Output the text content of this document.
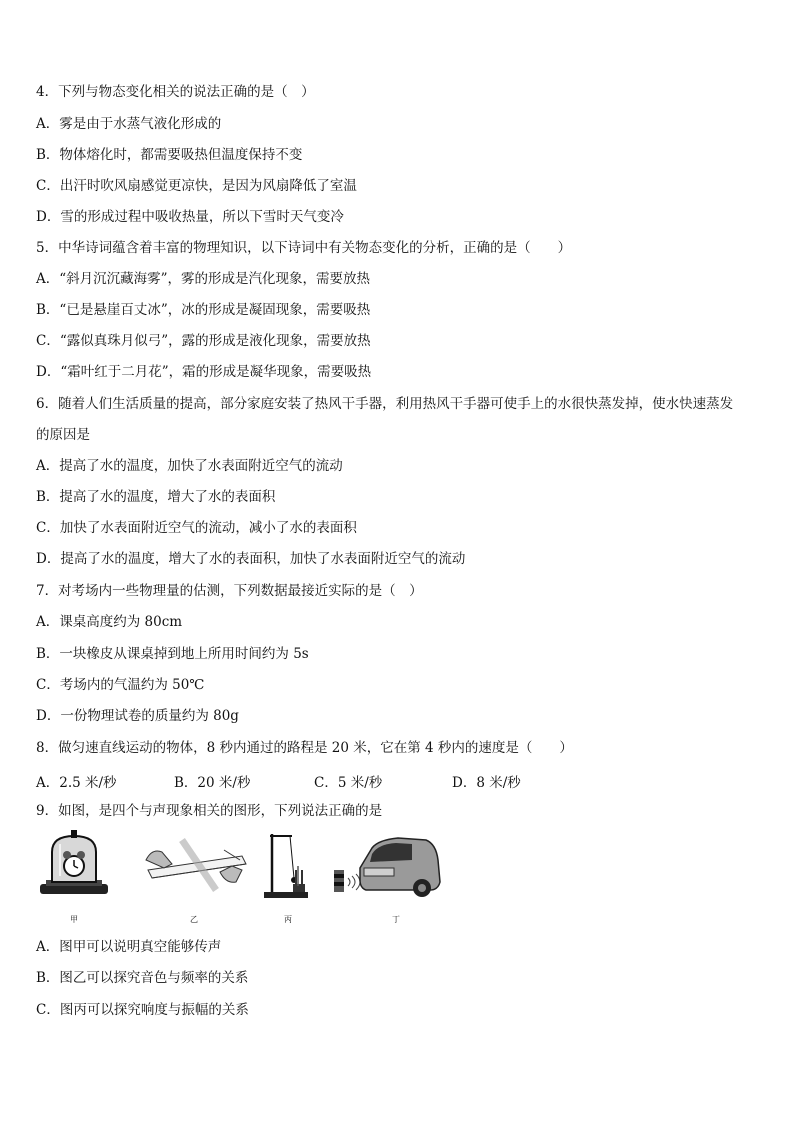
4．下列与物态变化相关的说法正确的是（　）
A．雾是由于水蒸气液化形成的
B．物体熔化时，都需要吸热但温度保持不变
C．出汗时吹风扇感觉更凉快，是因为风扇降低了室温
D．雪的形成过程中吸收热量，所以下雪时天气变冷
5．中华诗词蕴含着丰富的物理知识，以下诗词中有关物态变化的分析，正确的是（　　）
A．“斜月沉沉藏海雾”，雾的形成是汽化现象，需要放热
B．“已是悬崖百丈冰”，冰的形成是凝固现象，需要吸热
C．“露似真珠月似弓”，露的形成是液化现象，需要放热
D．“霜叶红于二月花”，霜的形成是凝华现象，需要吸热
6．随着人们生活质量的提高，部分家庭安装了热风干手器，利用热风干手器可使手上的水很快蒸发掉，使水快速蒸发
的原因是
A．提高了水的温度，加快了水表面附近空气的流动
B．提高了水的温度，增大了水的表面积
C．加快了水表面附近空气的流动，减小了水的表面积
D．提高了水的温度，增大了水的表面积，加快了水表面附近空气的流动
7．对考场内一些物理量的估测，下列数据最接近实际的是（　）
A．课桌高度约为 80cm
B．一块橡皮从课桌掉到地上所用时间约为 5s
C．考场内的气温约为 50℃
D．一份物理试卷的质量约为 80g
8．做匀速直线运动的物体，8 秒内通过的路程是 20 米，它在第 4 秒内的速度是（　　）
A．2.5 米/秒	B．20 米/秒	C．5 米/秒	D．8 米/秒
9．如图，是四个与声现象相关的图形，下列说法正确的是
甲	乙	丙	丁
A．图甲可以说明真空能够传声
B．图乙可以探究音色与频率的关系
C．图丙可以探究响度与振幅的关系
